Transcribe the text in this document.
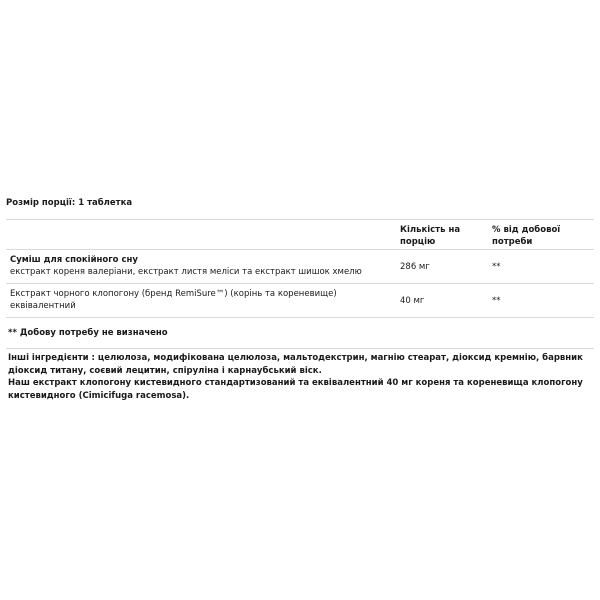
Розмір порції: 1 таблетка
	Кількість на порцію	% від добової потреби

Суміш для спокійного сну
екстракт кореня валеріани, екстракт листя меліси та екстракт шишок хмелю	286 мг	**

Екстракт чорного клопогону (бренд RemiSure™) (корінь та кореневище) еквівалентний	40 мг	**
** Добову потребу не визначено

Інші інгредієнти : целюлоза, модифікована целюлоза, мальтодекстрин, магнію стеарат, діоксид кремнію, барвник діоксид титану, соєвий лецитин, спіруліна і карнаубський віск.

Наш екстракт клопогону кистевидного стандартизований та еквівалентний 40 мг кореня та кореневища клопогону кистевидного (Cimicifuga racemosa).
